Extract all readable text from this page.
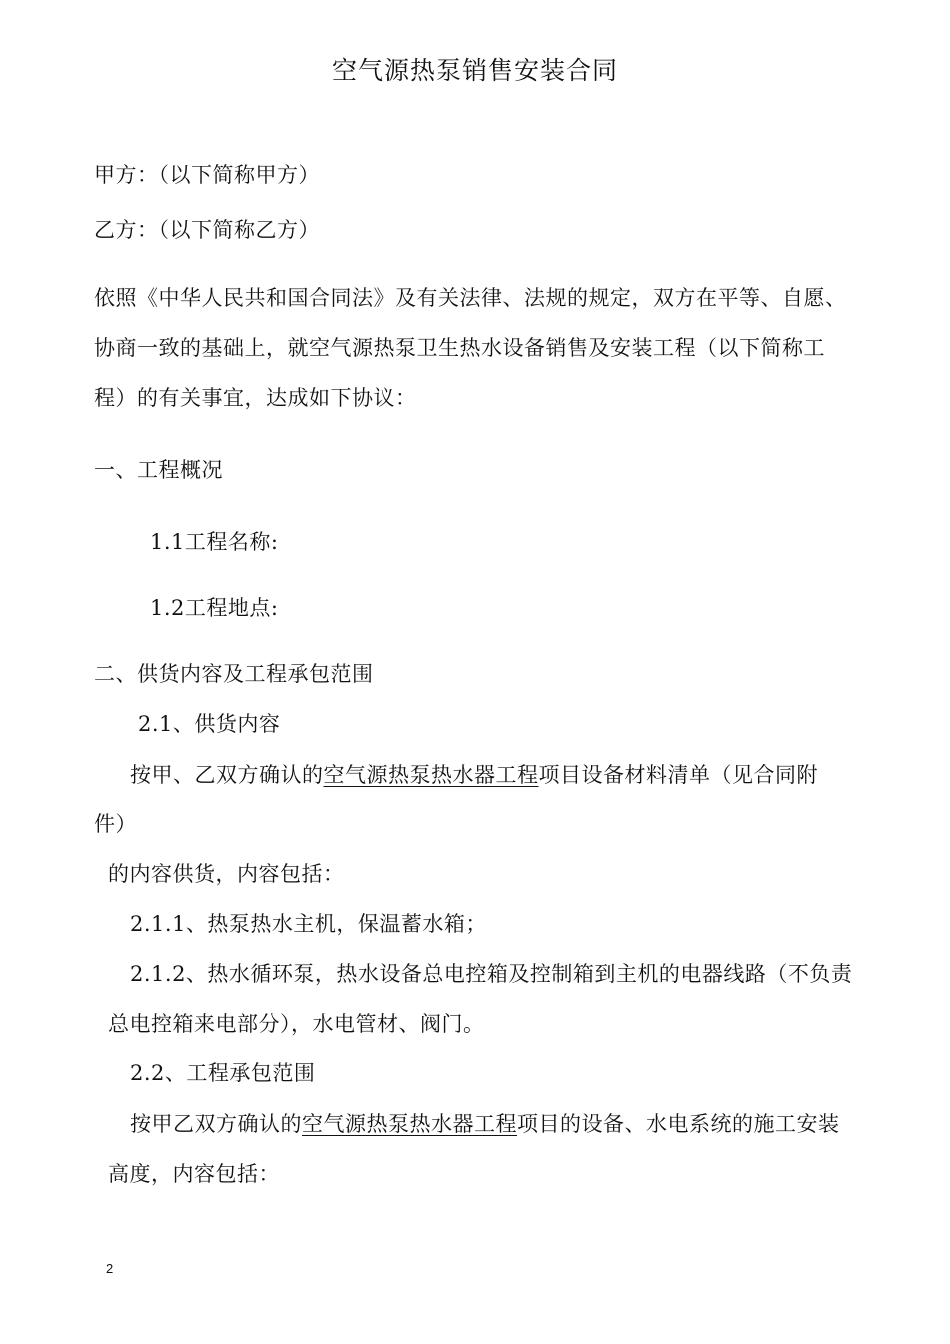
空气源热泵销售安装合同
甲方：（以下简称甲方）
乙方：（以下简称乙方）
依照《中华人民共和国合同法》及有关法律、法规的规定，双方在平等、自愿、
协商一致的基础上，就空气源热泵卫生热水设备销售及安装工程（以下简称工
程）的有关事宜，达成如下协议：
一、工程概况
1.1工程名称:
1.2工程地点:
二、供货内容及工程承包范围
2.1、供货内容
按甲、乙双方确认的空气源热泵热水器工程项目设备材料清单（见合同附
件）
的内容供货，内容包括：
2.1.1、热泵热水主机，保温蓄水箱；
2.1.2、热水循环泵，热水设备总电控箱及控制箱到主机的电器线路（不负责
总电控箱来电部分），水电管材、阀门。
2.2、工程承包范围
按甲乙双方确认的空气源热泵热水器工程项目的设备、水电系统的施工安装
高度，内容包括：
2
